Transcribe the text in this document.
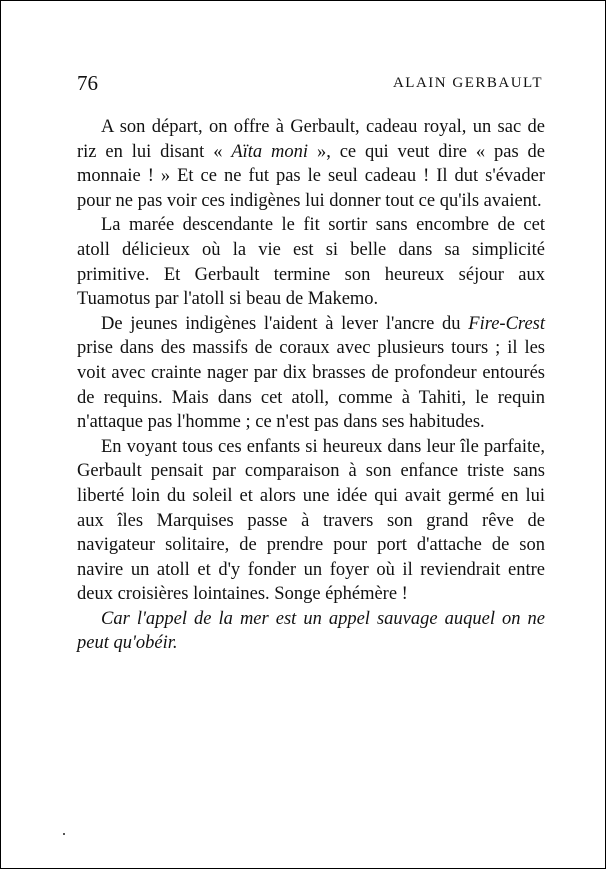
76	ALAIN GERBAULT

A son départ, on offre à Gerbault, cadeau royal, un sac de riz en lui disant « Aïta moni », ce qui veut dire « pas de monnaie ! » Et ce ne fut pas le seul cadeau ! Il dut s'évader pour ne pas voir ces indigènes lui donner tout ce qu'ils avaient.

La marée descendante le fit sortir sans encombre de cet atoll délicieux où la vie est si belle dans sa simplicité primitive. Et Gerbault termine son heureux séjour aux Tuamotus par l'atoll si beau de Makemo.

De jeunes indigènes l'aident à lever l'ancre du Fire-Crest prise dans des massifs de coraux avec plusieurs tours ; il les voit avec crainte nager par dix brasses de profondeur entourés de requins. Mais dans cet atoll, comme à Tahiti, le requin n'attaque pas l'homme ; ce n'est pas dans ses habitudes.

En voyant tous ces enfants si heureux dans leur île parfaite, Gerbault pensait par comparaison à son enfance triste sans liberté loin du soleil et alors une idée qui avait germé en lui aux îles Marquises passe à travers son grand rêve de navigateur solitaire, de prendre pour port d'attache de son navire un atoll et d'y fonder un foyer où il reviendrait entre deux croisières lointaines. Songe éphémère !

Car l'appel de la mer est un appel sauvage auquel on ne peut qu'obéir.
